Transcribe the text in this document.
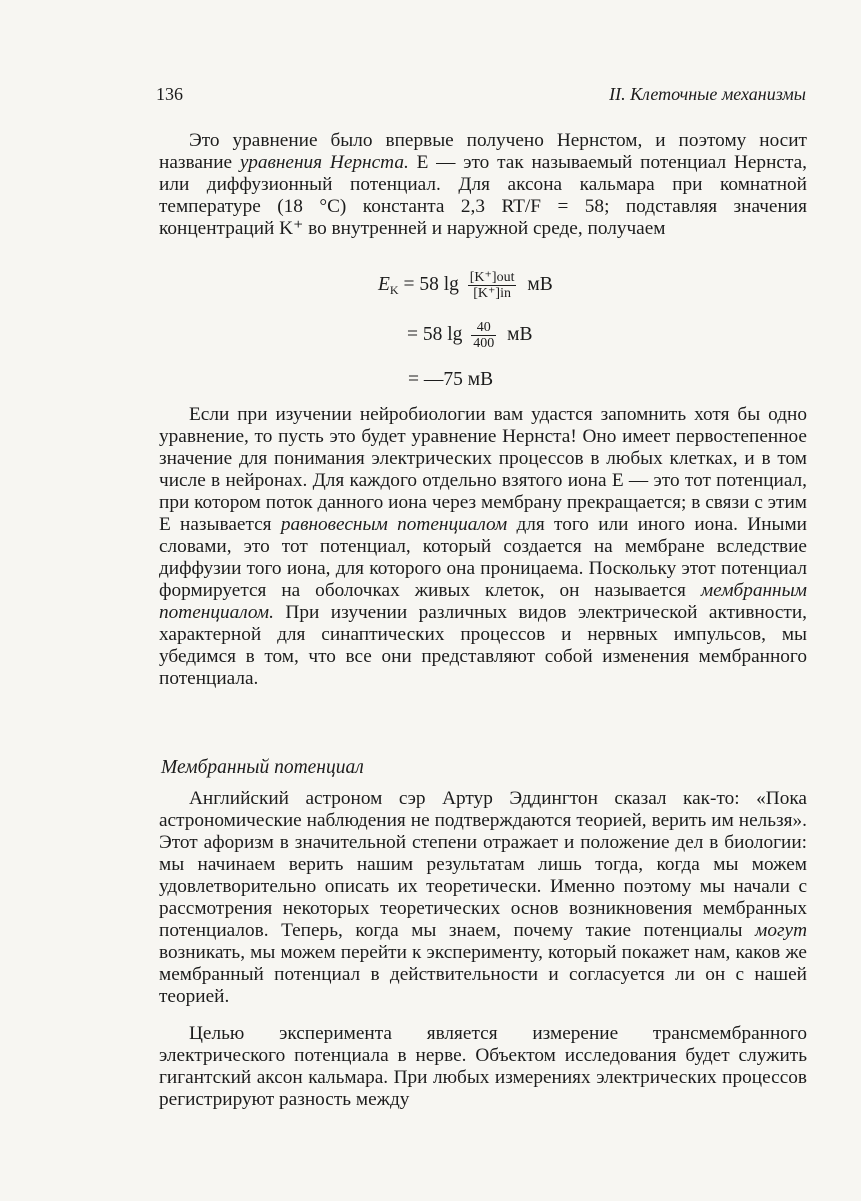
136	II. Клеточные механизмы

Это уравнение было впервые получено Нернстом, и поэтому носит название уравнения Нернста. E — это так называемый потенциал Нернста, или диффузионный потенциал. Для аксона кальмара при комнатной температуре (18 °C) константа 2,3 RT/F = 58; подставляя значения концентраций K⁺ во внутренней и наружной среде, получаем

$E_K = 58$ $\lg \frac{\text{[K⁺]out}}{[K^+]in}$ мВ
= 58 $\lg \frac{40}{400}$ мВ
= —75 мВ

Если при изучении нейробиологии вам удастся запомнить хотя бы одно уравнение, то пусть это будет уравнение Нернста! Оно имеет первостепенное значение для понимания электрических процессов в любых клетках, и в том числе в нейронах. Для каждого отдельно взятого иона E — это тот потенциал, при котором поток данного иона через мембрану прекращается; в связи с этим E называется равновесным потенциалом для того или иного иона. Иными словами, это тот потенциал, который создается на мембране вследствие диффузии того иона, для которого она проницаема. Поскольку этот потенциал формируется на оболочках живых клеток, он называется мембранным потенциалом. При изучении различных видов электрической активности, характерной для синаптических процессов и нервных импульсов, мы убедимся в том, что все они представляют собой изменения мембранного потенциала.

Мембранный потенциал

Английский астроном сэр Артур Эддингтон сказал как-то: «Пока астрономические наблюдения не подтверждаются теорией, верить им нельзя». Этот афоризм в значительной степени отражает и положение дел в биологии: мы начинаем верить нашим результатам лишь тогда, когда мы можем удовлетворительно описать их теоретически. Именно поэтому мы начали с рассмотрения некоторых теоретических основ возникновения мембранных потенциалов. Теперь, когда мы знаем, почему такие потенциалы могут возникать, мы можем перейти к эксперименту, который покажет нам, каков же мембранный потенциал в действительности и согласуется ли он с нашей теорией.

Целью эксперимента является измерение трансмембранного электрического потенциала в нерве. Объектом исследования будет служить гигантский аксон кальмара. При любых измерениях электрических процессов регистрируют разность между
